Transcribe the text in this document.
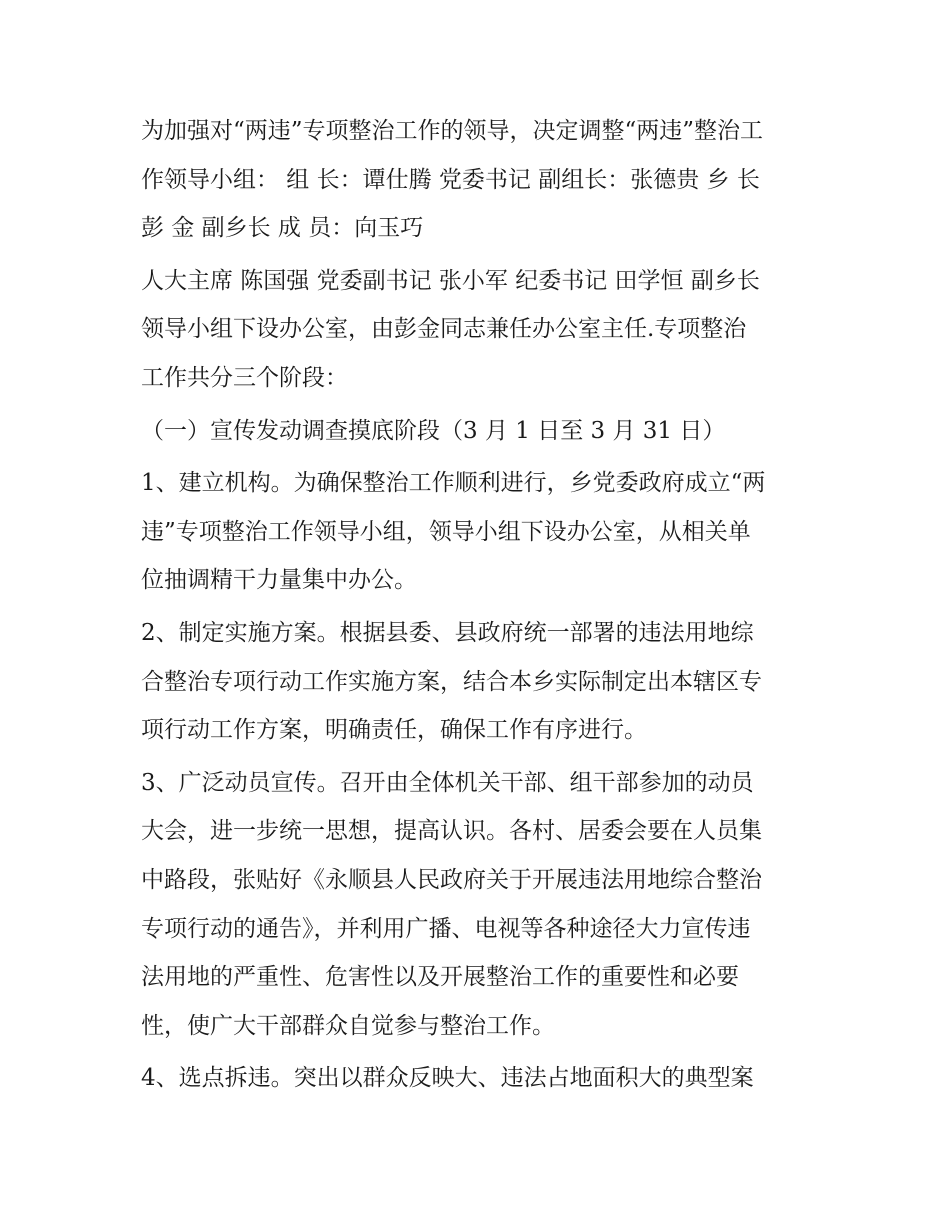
为加强对“两违”专项整治工作的领导，决定调整“两违”整治工
作领导小组： 组 长：谭仕腾 党委书记 副组长：张德贵 乡 长
彭 金 副乡长 成 员：向玉巧
人大主席 陈国强 党委副书记 张小军 纪委书记 田学恒 副乡长
领导小组下设办公室，由彭金同志兼任办公室主任.专项整治
工作共分三个阶段：
（一）宣传发动调查摸底阶段（3 月 1 日至 3 月 31 日）
1、建立机构。为确保整治工作顺利进行，乡党委政府成立“两
违”专项整治工作领导小组，领导小组下设办公室，从相关单
位抽调精干力量集中办公。
2、制定实施方案。根据县委、县政府统一部署的违法用地综
合整治专项行动工作实施方案，结合本乡实际制定出本辖区专
项行动工作方案，明确责任，确保工作有序进行。
3、广泛动员宣传。召开由全体机关干部、组干部参加的动员
大会，进一步统一思想，提高认识。各村、居委会要在人员集
中路段，张贴好《永顺县人民政府关于开展违法用地综合整治
专项行动的通告》，并利用广播、电视等各种途径大力宣传违
法用地的严重性、危害性以及开展整治工作的重要性和必要
性，使广大干部群众自觉参与整治工作。
4、选点拆违。突出以群众反映大、违法占地面积大的典型案
